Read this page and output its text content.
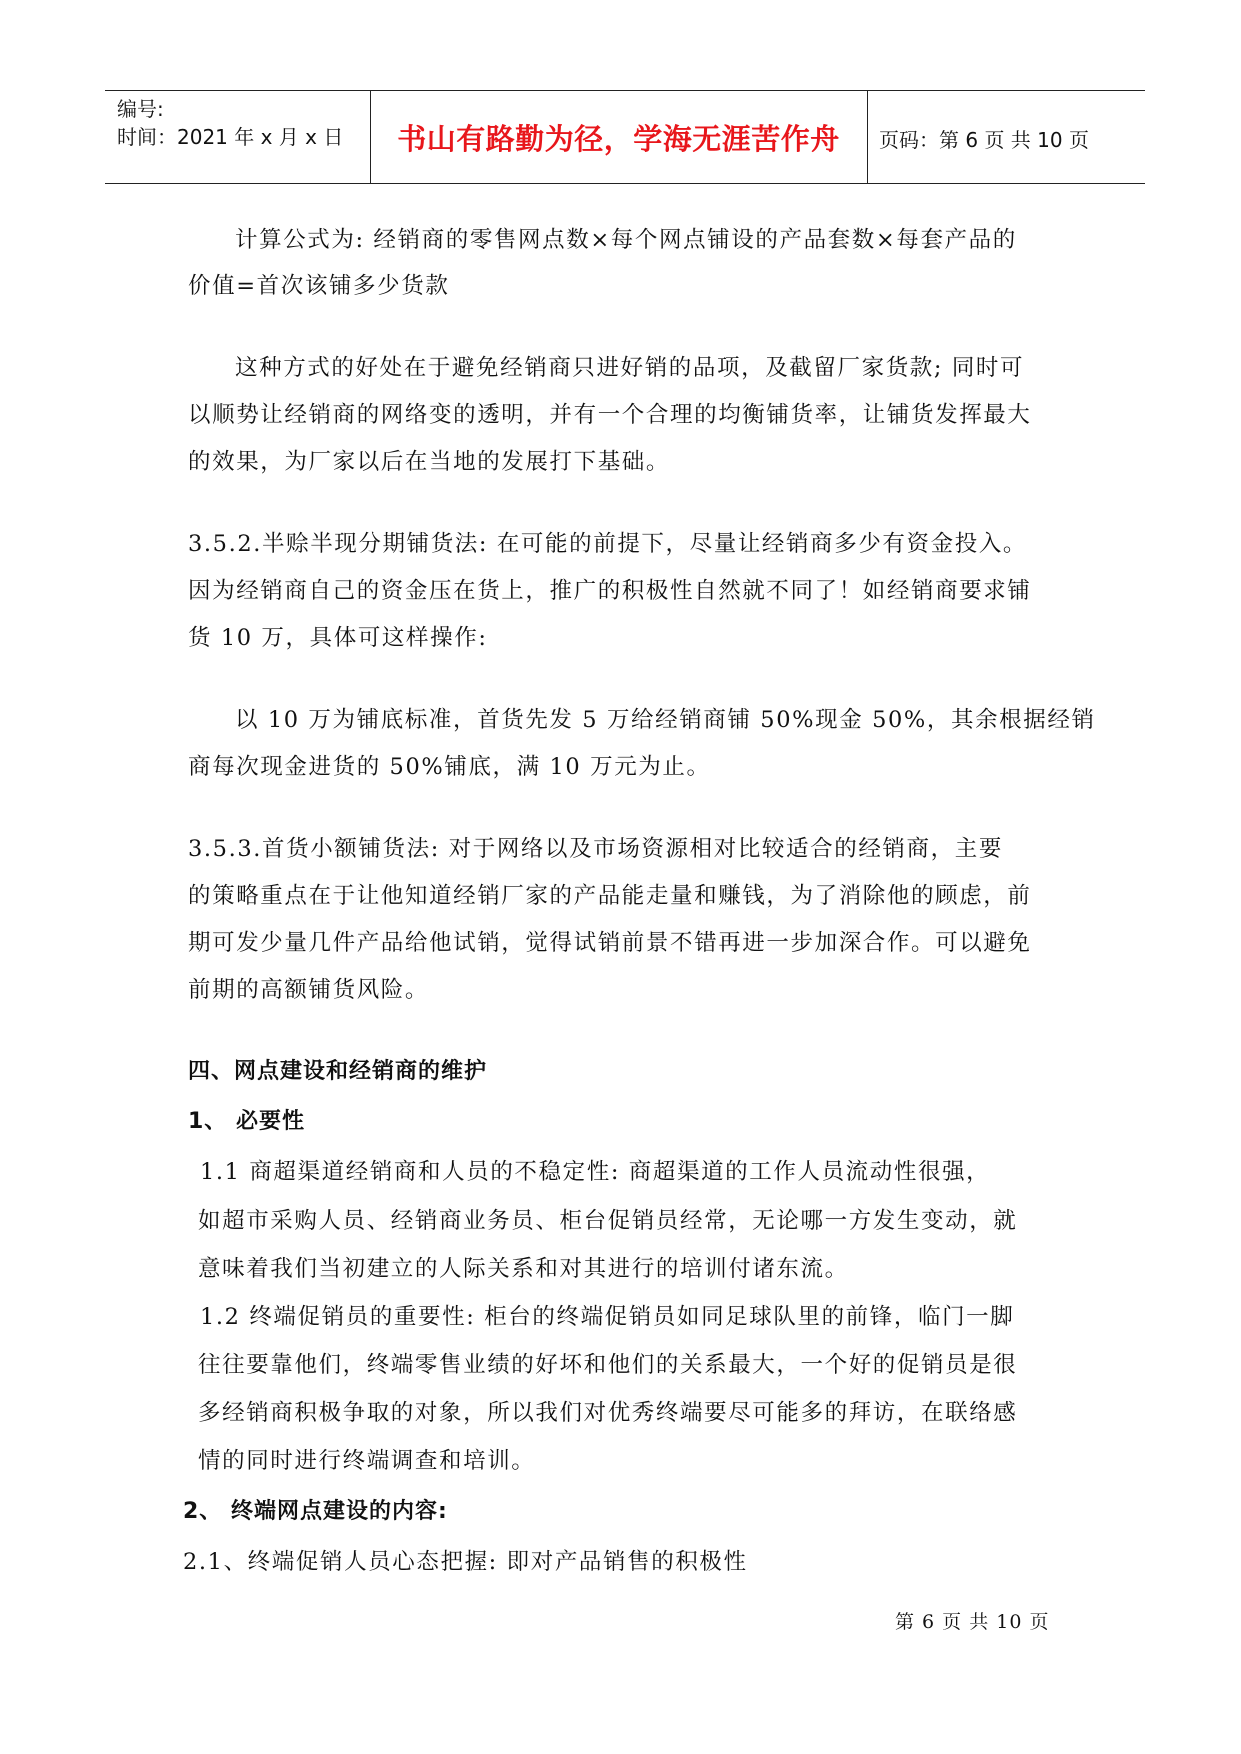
编号:
时间：2021 年 x 月 x 日	书山有路勤为径，学海无涯苦作舟	页码：第 6 页 共 10 页
计算公式为: 经销商的零售网点数×每个网点铺设的产品套数×每套产品的
价值=首次该铺多少货款
这种方式的好处在于避免经销商只进好销的品项，及截留厂家货款; 同时可
以顺势让经销商的网络变的透明，并有一个合理的均衡铺货率，让铺货发挥最大
的效果，为厂家以后在当地的发展打下基础。
3.5.2.半赊半现分期铺货法: 在可能的前提下，尽量让经销商多少有资金投入。
因为经销商自己的资金压在货上，推广的积极性自然就不同了！如经销商要求铺
货 10 万，具体可这样操作:
以 10 万为铺底标准，首货先发 5 万给经销商铺 50%现金 50%，其余根据经销
商每次现金进货的 50%铺底，满 10 万元为止。
3.5.3.首货小额铺货法: 对于网络以及市场资源相对比较适合的经销商，主要
的策略重点在于让他知道经销厂家的产品能走量和赚钱，为了消除他的顾虑，前
期可发少量几件产品给他试销，觉得试销前景不错再进一步加深合作。可以避免
前期的高额铺货风险。
四、网点建设和经销商的维护
1、 必要性
1.1 商超渠道经销商和人员的不稳定性: 商超渠道的工作人员流动性很强，
如超市采购人员、经销商业务员、柜台促销员经常，无论哪一方发生变动，就
意味着我们当初建立的人际关系和对其进行的培训付诸东流。
1.2 终端促销员的重要性: 柜台的终端促销员如同足球队里的前锋，临门一脚
往往要靠他们，终端零售业绩的好坏和他们的关系最大，一个好的促销员是很
多经销商积极争取的对象，所以我们对优秀终端要尽可能多的拜访，在联络感
情的同时进行终端调查和培训。
2、 终端网点建设的内容:
2.1、终端促销人员心态把握: 即对产品销售的积极性
第 6 页 共 10 页
